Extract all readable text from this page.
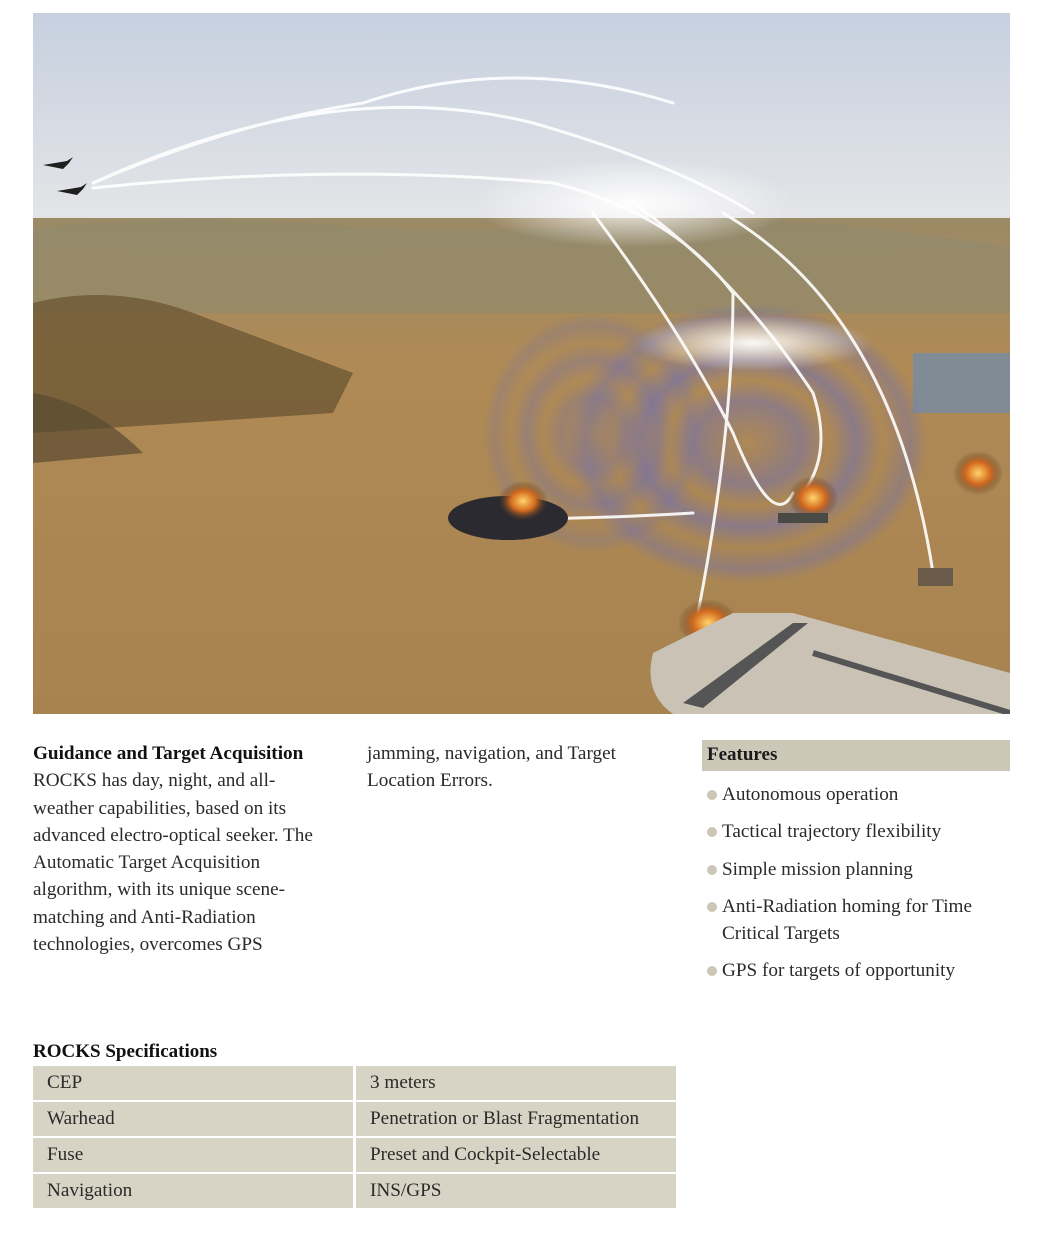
Guidance and Target Acquisition
ROCKS has day, night, and all-weather capabilities, based on its advanced electro-optical seeker. The Automatic Target Acquisition algorithm, with its unique scene-matching and Anti-Radiation technologies, overcomes GPS
jamming, navigation, and Target Location Errors.
Features
Autonomous operation
Tactical trajectory flexibility
Simple mission planning
Anti-Radiation homing for Time Critical Targets
GPS for targets of opportunity
ROCKS Specifications
CEP	3 meters
Warhead	Penetration or Blast Fragmentation
Fuse	Preset and Cockpit-Selectable
Navigation	INS/GPS
